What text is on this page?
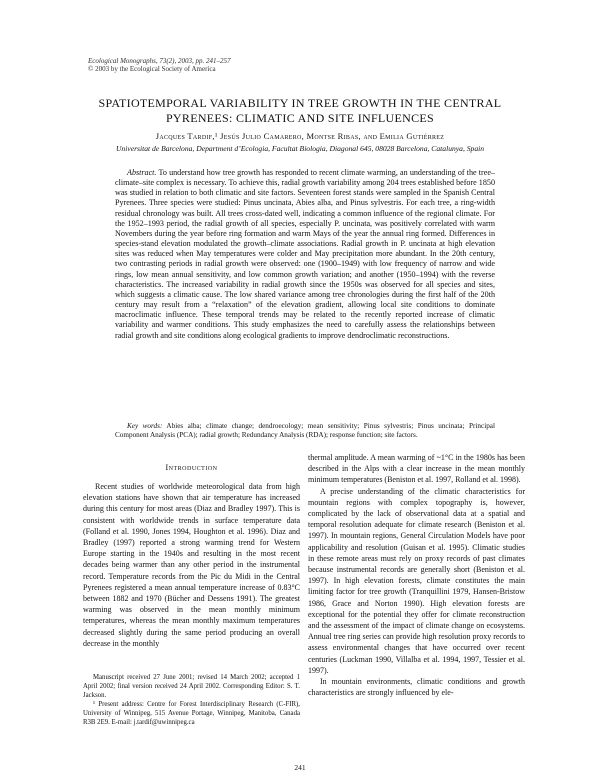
Ecological Monographs, 73(2), 2003, pp. 241–257
© 2003 by the Ecological Society of America
SPATIOTEMPORAL VARIABILITY IN TREE GROWTH IN THE CENTRAL
PYRENEES: CLIMATIC AND SITE INFLUENCES
Jacques Tardif,¹ Jesús Julio Camarero, Montse Ribas, and Emilia Gutiérrez
Universitat de Barcelona, Department d’Ecologia, Facultat Biologia, Diagonal 645, 08028 Barcelona, Catalunya, Spain
Abstract. To understand how tree growth has responded to recent climate warming, an understanding of the tree–climate–site complex is necessary. To achieve this, radial growth variability among 204 trees established before 1850 was studied in relation to both climatic and site factors. Seventeen forest stands were sampled in the Spanish Central Pyrenees. Three species were studied: Pinus uncinata, Abies alba, and Pinus sylvestris. For each tree, a ring-width residual chronology was built. All trees cross-dated well, indicating a common influence of the regional climate. For the 1952–1993 period, the radial growth of all species, especially P. uncinata, was positively correlated with warm Novembers during the year before ring formation and warm Mays of the year the annual ring formed. Differences in species-stand elevation modulated the growth–climate associations. Radial growth in P. uncinata at high elevation sites was reduced when May temperatures were colder and May precipitation more abundant. In the 20th century, two contrasting periods in radial growth were observed: one (1900–1949) with low frequency of narrow and wide rings, low mean annual sensitivity, and low common growth variation; and another (1950–1994) with the reverse characteristics. The increased variability in radial growth since the 1950s was observed for all species and sites, which suggests a climatic cause. The low shared variance among tree chronologies during the first half of the 20th century may result from a “relaxation” of the elevation gradient, allowing local site conditions to dominate macroclimatic influence. These temporal trends may be related to the recently reported increase of climatic variability and warmer conditions. This study emphasizes the need to carefully assess the relationships between radial growth and site conditions along ecological gradients to improve dendroclimatic reconstructions.
Key words: Abies alba; climate change; dendroecology; mean sensitivity; Pinus sylvestris; Pinus uncinata; Principal Component Analysis (PCA); radial growth; Redundancy Analysis (RDA); response function; site factors.
Introduction

Recent studies of worldwide meteorological data from high elevation stations have shown that air temperature has increased during this century for most areas (Diaz and Bradley 1997). This is consistent with worldwide trends in surface temperature data (Folland et al. 1990, Jones 1994, Houghton et al. 1996). Diaz and Bradley (1997) reported a strong warming trend for Western Europe starting in the 1940s and resulting in the most recent decades being warmer than any other period in the instrumental record. Temperature records from the Pic du Midi in the Central Pyrenees registered a mean annual temperature increase of 0.83°C between 1882 and 1970 (Bücher and Dessens 1991). The greatest warming was observed in the mean monthly minimum temperatures, whereas the mean monthly maximum temperatures decreased slightly during the same period producing an overall decrease in the monthly

Manuscript received 27 June 2001; revised 14 March 2002; accepted 1 April 2002; final version received 24 April 2002. Corresponding Editor: S. T. Jackson.

¹ Present address: Centre for Forest Interdisciplinary Research (C-FIR), University of Winnipeg, 515 Avenue Portage, Winnipeg, Manitoba, Canada R3B 2E9. E-mail: j.tardif@uwinnipeg.ca

thermal amplitude. A mean warming of ~1°C in the 1980s has been described in the Alps with a clear increase in the mean monthly minimum temperatures (Beniston et al. 1997, Rolland et al. 1998).

A precise understanding of the climatic characteristics for mountain regions with complex topography is, however, complicated by the lack of observational data at a spatial and temporal resolution adequate for climate research (Beniston et al. 1997). In mountain regions, General Circulation Models have poor applicability and resolution (Guisan et al. 1995). Climatic studies in these remote areas must rely on proxy records of past climates because instrumental records are generally short (Beniston et al. 1997). In high elevation forests, climate constitutes the main limiting factor for tree growth (Tranquillini 1979, Hansen-Bristow 1986, Grace and Norton 1990). High elevation forests are exceptional for the potential they offer for climate reconstruction and the assessment of the impact of climate change on ecosystems. Annual tree ring series can provide high resolution proxy records to assess environmental changes that have occurred over recent centuries (Luckman 1990, Villalba et al. 1994, 1997, Tessier et al. 1997).

In mountain environments, climatic conditions and growth characteristics are strongly influenced by ele-

241
